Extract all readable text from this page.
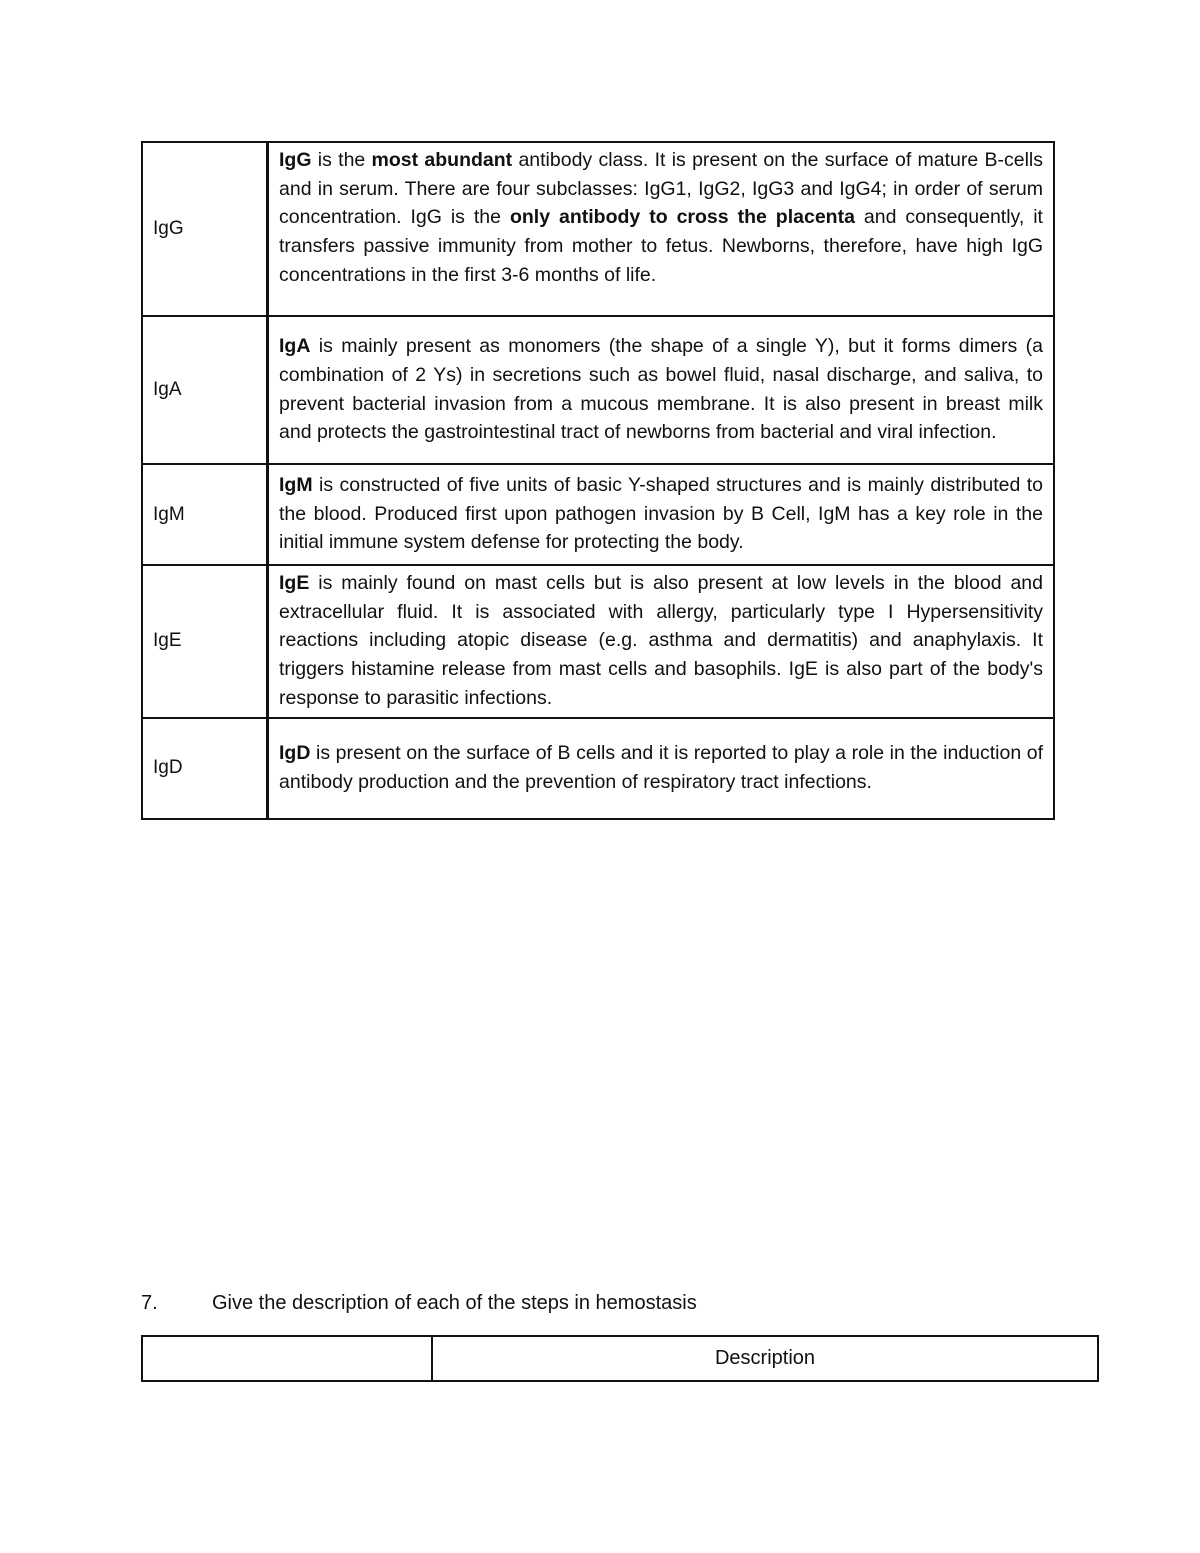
IgG	IgG is the most abundant antibody class. It is present on the surface of mature B-cells and in serum. There are four subclasses: IgG1, IgG2, IgG3 and IgG4; in order of serum concentration. IgG is the only antibody to cross the placenta and consequently, it transfers passive immunity from mother to fetus. Newborns, therefore, have high IgG concentrations in the first 3-6 months of life.
IgA	IgA is mainly present as monomers (the shape of a single Y), but it forms dimers (a combination of 2 Ys) in secretions such as bowel fluid, nasal discharge, and saliva, to prevent bacterial invasion from a mucous membrane. It is also present in breast milk and protects the gastrointestinal tract of newborns from bacterial and viral infection.
IgM	IgM is constructed of five units of basic Y-shaped structures and is mainly distributed to the blood. Produced first upon pathogen invasion by B Cell, IgM has a key role in the initial immune system defense for protecting the body.
IgE	IgE is mainly found on mast cells but is also present at low levels in the blood and extracellular fluid. It is associated with allergy, particularly type I Hypersensitivity reactions including atopic disease (e.g. asthma and dermatitis) and anaphylaxis. It triggers histamine release from mast cells and basophils. IgE is also part of the body's response to parasitic infections.
IgD	IgD is present on the surface of B cells and it is reported to play a role in the induction of antibody production and the prevention of respiratory tract infections.
7.	Give the description of each of the steps in hemostasis
	Description
